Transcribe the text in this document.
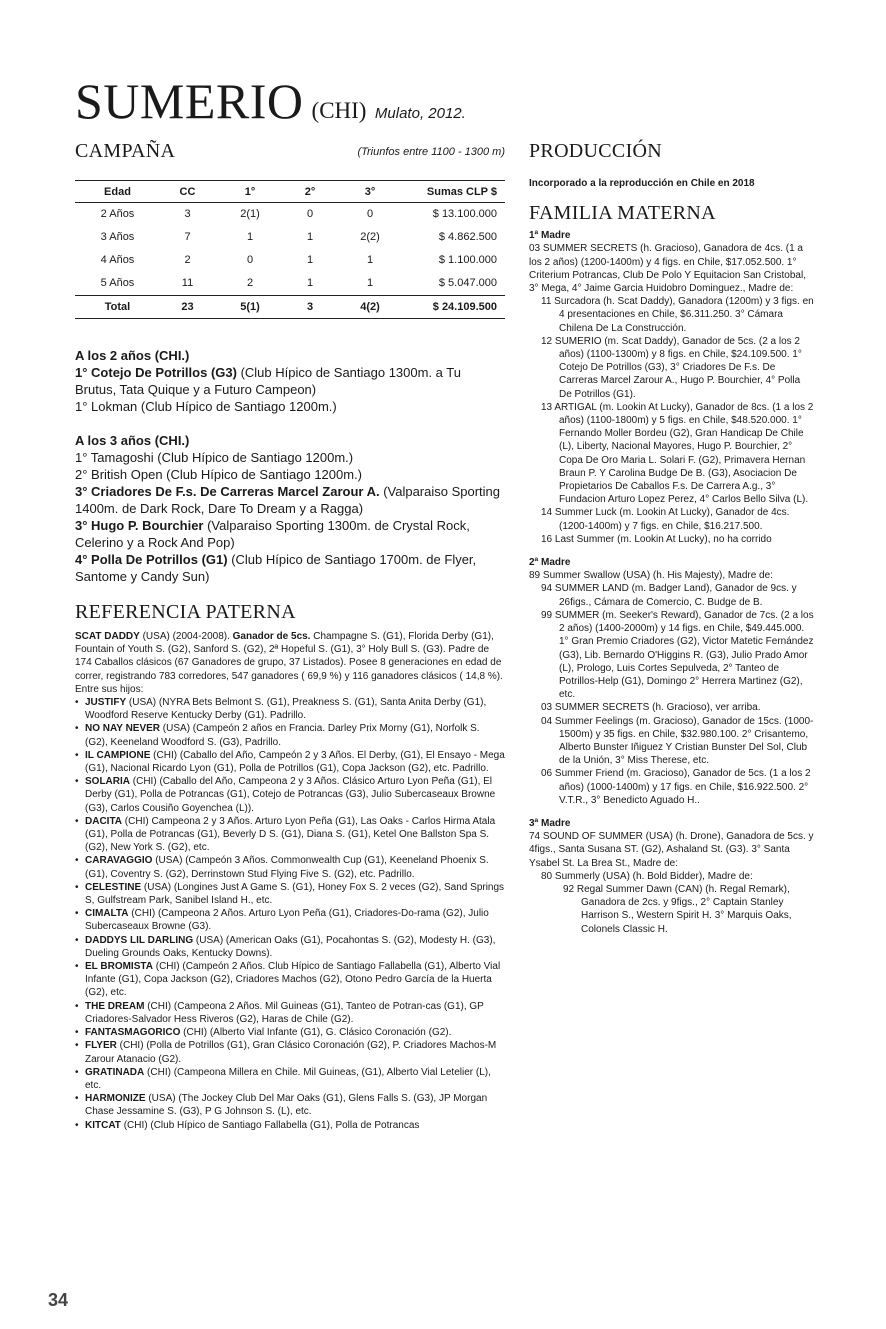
SUMERIO (CHI) Mulato, 2012.
CAMPAÑA	(Triunfos entre 1100 - 1300 m)
Edad	CC	1°	2°	3°	Sumas CLP $
2 Años	3	2(1)	0	0	$ 13.100.000
3 Años	7	1	1	2(2)	$ 4.862.500
4 Años	2	0	1	1	$ 1.100.000
5 Años	11	2	1	1	$ 5.047.000
Total	23	5(1)	3	4(2)	$ 24.109.500

A los 2 años (CHI.)

1° Cotejo De Potrillos (G3) (Club Hípico de Santiago 1300m. a Tu Brutus, Tata Quique y a Futuro Campeon)

1° Lokman (Club Hípico de Santiago 1200m.)

A los 3 años (CHI.)

1° Tamagoshi (Club Hípico de Santiago 1200m.)

2° British Open (Club Hípico de Santiago 1200m.)

3° Criadores De F.s. De Carreras Marcel Zarour A. (Valparaiso Sporting 1400m. de Dark Rock, Dare To Dream y a Ragga)

3° Hugo P. Bourchier (Valparaiso Sporting 1300m. de Crystal Rock, Celerino y a Rock And Pop)

4° Polla De Potrillos (G1) (Club Hípico de Santiago 1700m. de Flyer, Santome y Candy Sun)

REFERENCIA PATERNA

SCAT DADDY (USA) (2004-2008). Ganador de 5cs. Champagne S. (G1), Florida Derby (G1), Fountain of Youth S. (G2), Sanford S. (G2), 2ª Hopeful S. (G1), 3° Holy Bull S. (G3). Padre de 174 Caballos clásicos (67 Ganadores de grupo, 37 Listados). Posee 8 generaciones en edad de correr, registrando 783 corredores, 547 ganadores ( 69,9 %) y 116 ganadores clásicos ( 14,8 %). Entre sus hijos:

• JUSTIFY (USA) (NYRA Bets Belmont S. (G1), Preakness S. (G1), Santa Anita Derby (G1), Woodford Reserve Kentucky Derby (G1). Padrillo.
• NO NAY NEVER (USA) (Campeón 2 años en Francia. Darley Prix Morny (G1), Norfolk S. (G2), Keeneland Woodford S. (G3), Padrillo.
• IL CAMPIONE (CHI) (Caballo del Año, Campeón 2 y 3 Años. El Derby, (G1), El Ensayo - Mega (G1), Nacional Ricardo Lyon (G1), Polla de Potrillos (G1), Copa Jackson (G2), etc. Padrillo.
• SOLARIA (CHI) (Caballo del Año, Campeona 2 y 3 Años. Clásico Arturo Lyon Peña (G1), El Derby (G1), Polla de Potrancas (G1), Cotejo de Potrancas (G3), Julio Subercaseaux Browne (G3), Carlos Cousiño Goyenchea (L)).
• DACITA (CHI) Campeona 2 y 3 Años. Arturo Lyon Peña (G1), Las Oaks - Carlos Hirma Atala (G1), Polla de Potrancas (G1), Beverly D S. (G1), Diana S. (G1), Ketel One Ballston Spa S. (G2), New York S. (G2), etc.
• CARAVAGGIO (USA) (Campeón 3 Años. Commonwealth Cup (G1), Keeneland Phoenix S. (G1), Coventry S. (G2), Derrinstown Stud Flying Five S. (G2), etc. Padrillo.
• CELESTINE (USA) (Longines Just A Game S. (G1), Honey Fox S. 2 veces (G2), Sand Springs S, Gulfstream Park, Sanibel Island H., etc.
• CIMALTA (CHI) (Campeona 2 Años. Arturo Lyon Peña (G1), Criadores-Do-rama (G2), Julio Subercaseaux Browne (G3).
• DADDYS LIL DARLING (USA) (American Oaks (G1), Pocahontas S. (G2), Modesty H. (G3), Dueling Grounds Oaks, Kentucky Downs).
• EL BROMISTA (CHI) (Campeón 2 Años. Club Hípico de Santiago Fallabella (G1), Alberto Vial Infante (G1), Copa Jackson (G2), Criadores Machos (G2), Otono Pedro García de la Huerta (G2), etc.
• THE DREAM (CHI) (Campeona 2 Años. Mil Guineas (G1), Tanteo de Potran-cas (G1), GP Criadores-Salvador Hess Riveros (G2), Haras de Chile (G2).
• FANTASMAGORICO (CHI) (Alberto Vial Infante (G1), G. Clásico Coronación (G2).
• FLYER (CHI) (Polla de Potrillos (G1), Gran Clásico Coronación (G2), P. Criadores Machos-M Zarour Atanacio (G2).
• GRATINADA (CHI) (Campeona Millera en Chile. Mil Guineas, (G1), Alberto Vial Letelier (L), etc.
• HARMONIZE (USA) (The Jockey Club Del Mar Oaks (G1), Glens Falls S. (G3), JP Morgan Chase Jessamine S. (G3), P G Johnson S. (L), etc.
• KITCAT (CHI) (Club Hípico de Santiago Fallabella (G1), Polla de Potrancas
PRODUCCIÓN

Incorporado a la reproducción en Chile en 2018

FAMILIA MATERNA

1ª Madre

03 SUMMER SECRETS (h. Gracioso), Ganadora de 4cs. (1 a los 2 años) (1200-1400m) y 4 figs. en Chile, $17.052.500. 1° Criterium Potrancas, Club De Polo Y Equitacion San Cristobal, 3° Mega, 4° Jaime Garcia Huidobro Dominguez., Madre de:

11 Surcadora (h. Scat Daddy), Ganadora (1200m) y 3 figs. en 4 presentaciones en Chile, $6.311.250. 3° Cámara Chilena De La Construcción.

12 SUMERIO (m. Scat Daddy), Ganador de 5cs. (2 a los 2 años) (1100-1300m) y 8 figs. en Chile, $24.109.500. 1° Cotejo De Potrillos (G3), 3° Criadores De F.s. De Carreras Marcel Zarour A., Hugo P. Bourchier, 4° Polla De Potrillos (G1).

13 ARTIGAL (m. Lookin At Lucky), Ganador de 8cs. (1 a los 2 años) (1100-1800m) y 5 figs. en Chile, $48.520.000. 1° Fernando Moller Bordeu (G2), Gran Handicap De Chile (L), Liberty, Nacional Mayores, Hugo P. Bourchier, 2° Copa De Oro Maria L. Solari F. (G2), Primavera Hernan Braun P. Y Carolina Budge De B. (G3), Asociacion De Propietarios De Caballos F.s. De Carrera A.g., 3° Fundacion Arturo Lopez Perez, 4° Carlos Bello Silva (L).

14 Summer Luck (m. Lookin At Lucky), Ganador de 4cs. (1200-1400m) y 7 figs. en Chile, $16.217.500.

16 Last Summer (m. Lookin At Lucky), no ha corrido

2ª Madre

89 Summer Swallow (USA) (h. His Majesty), Madre de:

94 SUMMER LAND (m. Badger Land), Ganador de 9cs. y 26figs., Cámara de Comercio, C. Budge de B.

99 SUMMER (m. Seeker's Reward), Ganador de 7cs. (2 a los 2 años) (1400-2000m) y 14 figs. en Chile, $49.445.000. 1° Gran Premio Criadores (G2), Victor Matetic Fernández (G3), Lib. Bernardo O'Higgins R. (G3), Julio Prado Amor (L), Prologo, Luis Cortes Sepulveda, 2° Tanteo de Potrillos-Help (G1), Domingo 2° Herrera Martinez (G2), etc.

03 SUMMER SECRETS (h. Gracioso), ver arriba.

04 Summer Feelings (m. Gracioso), Ganador de 15cs. (1000-1500m) y 35 figs. en Chile, $32.980.100. 2° Crisantemo, Alberto Bunster Iñiguez Y Cristian Bunster Del Sol, Club de la Unión, 3° Miss Therese, etc.

06 Summer Friend (m. Gracioso), Ganador de 5cs. (1 a los 2 años) (1000-1400m) y 17 figs. en Chile, $16.922.500. 2° V.T.R., 3° Benedicto Aguado H..

3ª Madre

74 SOUND OF SUMMER (USA) (h. Drone), Ganadora de 5cs. y 4figs., Santa Susana ST. (G2), Ashaland St. (G3). 3° Santa Ysabel St. La Brea St., Madre de:

80 Summerly (USA) (h. Bold Bidder), Madre de:

92 Regal Summer Dawn (CAN) (h. Regal Remark), Ganadora de 2cs. y 9figs., 2° Captain Stanley Harrison S., Western Spirit H. 3° Marquis Oaks, Colonels Classic H.

34
